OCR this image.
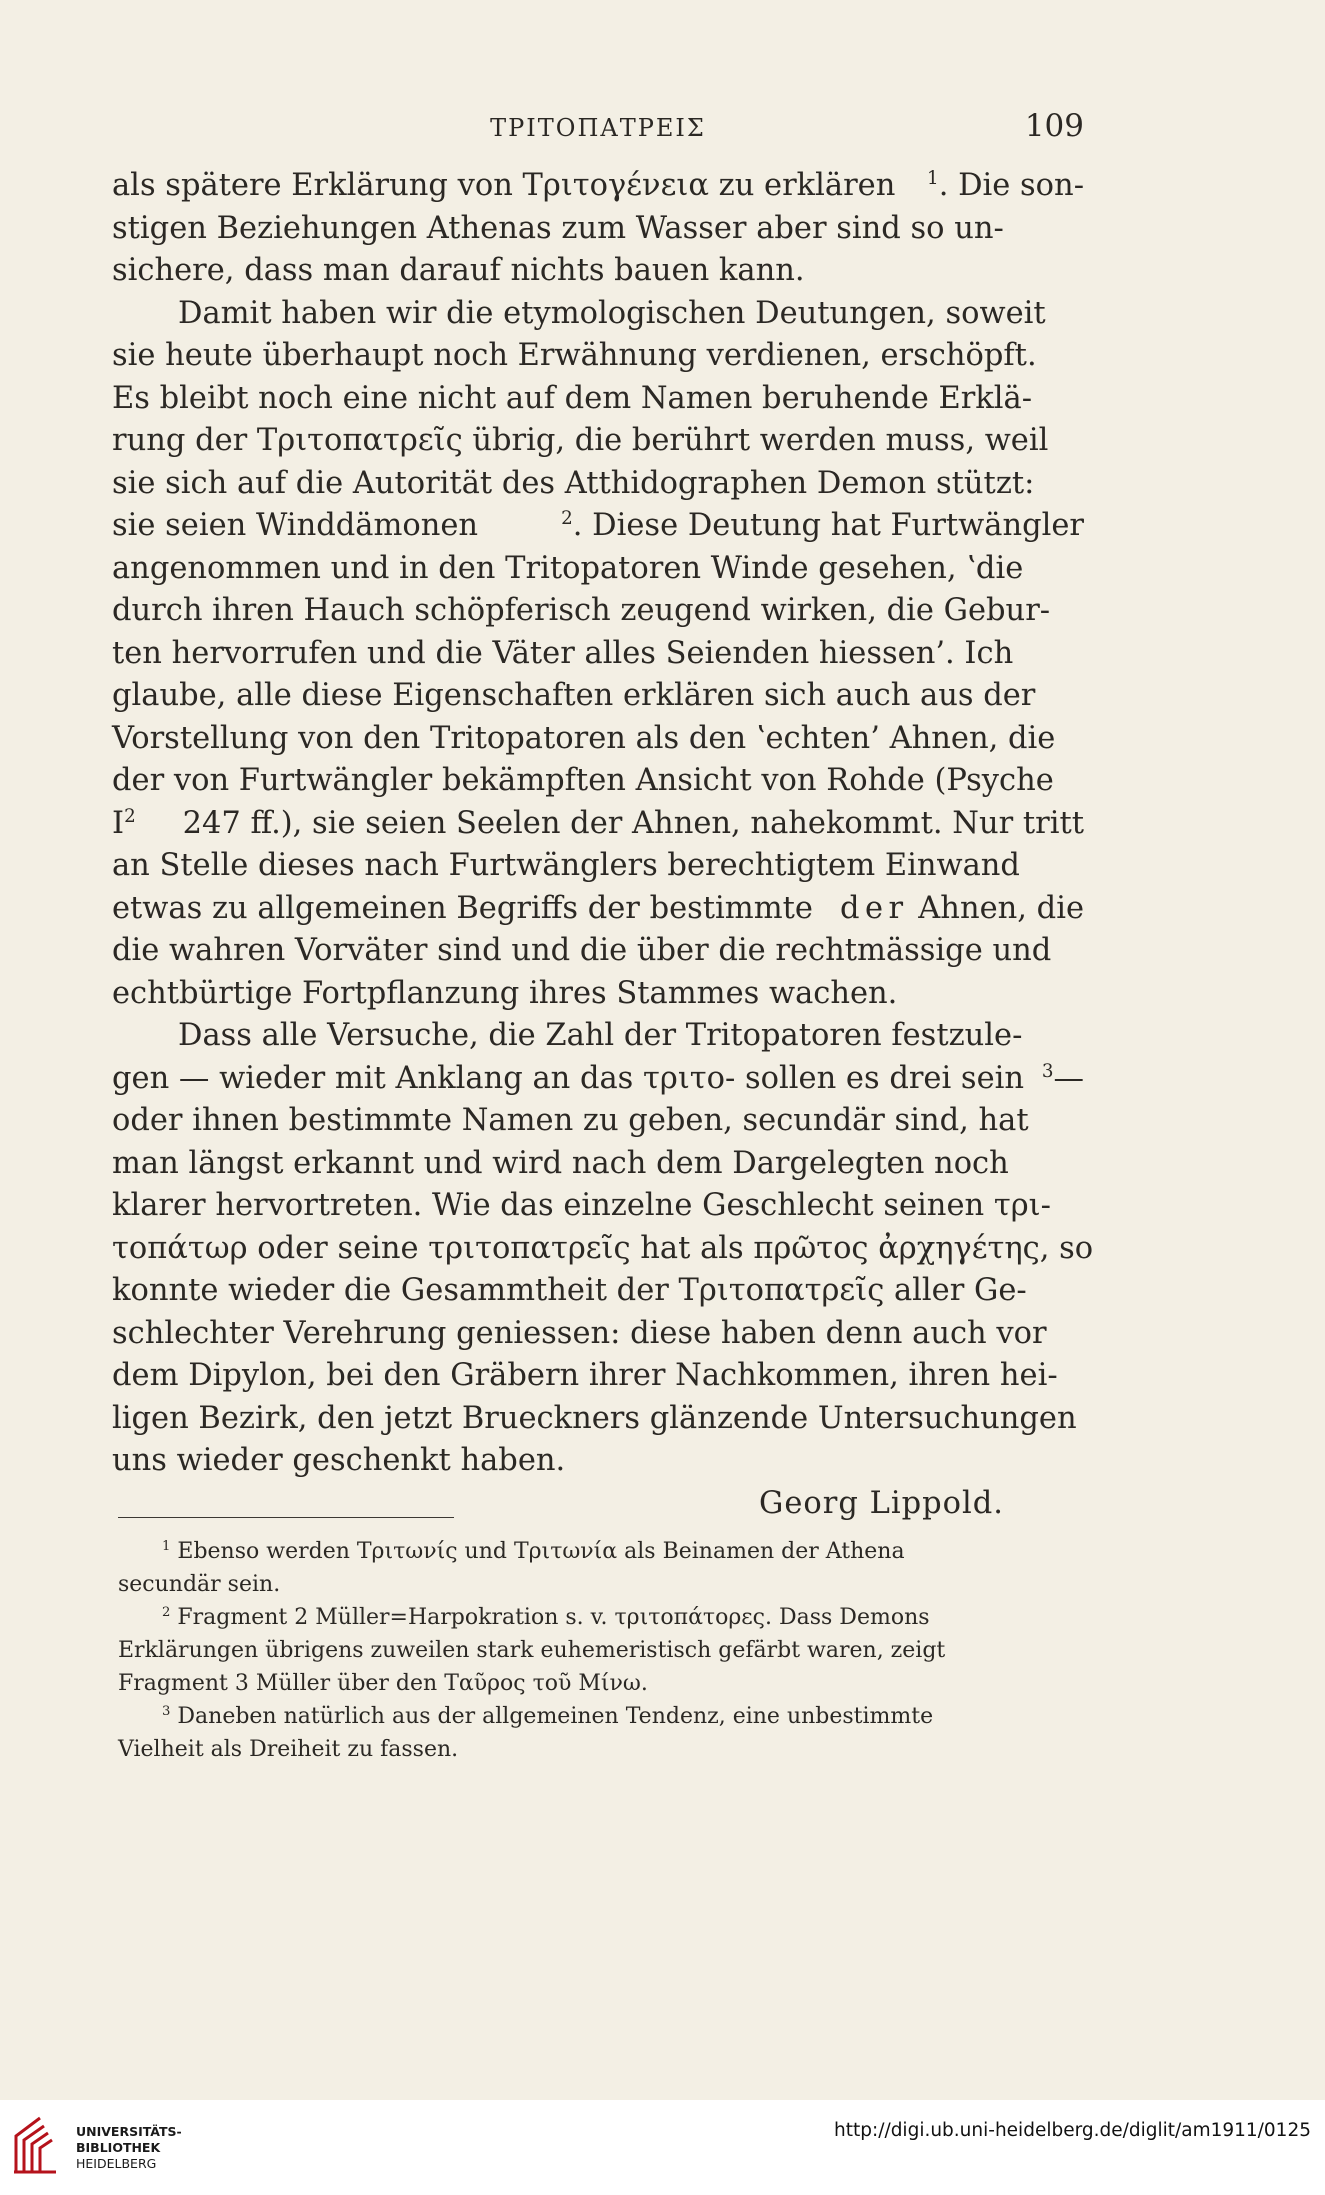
ΤΡΙΤΟΠΑΤΡΕΙΣ	109
als spätere Erklärung von Τριτογένεια zu erklären $^1$. Die son-
stigen Beziehungen Athenas zum Wasser aber sind so un-
sichere, dass man darauf nichts bauen kann.
Damit haben wir die etymologischen Deutungen, soweit
sie heute überhaupt noch Erwähnung verdienen, erschöpft.
Es bleibt noch eine nicht auf dem Namen beruhende Erklä-
rung der Τριτοπατρεῖς übrig, die berührt werden muss, weil
sie sich auf die Autorität des Atthidographen Demon stützt:
sie seien Winddämonen	$^2$. Diese Deutung hat Furtwängler
angenommen und in den Tritopatoren Winde gesehen, ʽdie
durch ihren Hauch schöpferisch zeugend wirken, die Gebur-
ten hervorrufen und die Väter alles Seienden hiessen’. Ich
glaube, alle diese Eigenschaften erklären sich auch aus der
Vorstellung von den Tritopatoren als den ʽechten’ Ahnen, die
der von Furtwängler bekämpften Ansicht von Rohde (Psyche
$I^2$ 247 ff.), sie seien Seelen der Ahnen, nahekommt. Nur tritt
an Stelle dieses nach Furtwänglers berechtigtem Einwand
etwas zu allgemeinen Begriffs der bestimmte der Ahnen, die
die wahren Vorväter sind und die über die rechtmässige und
echtbürtige Fortpflanzung ihres Stammes wachen.
Dass alle Versuche, die Zahl der Tritopatoren festzule-
gen — wieder mit Anklang an das τριτο- sollen es drei sein $^3$—
oder ihnen bestimmte Namen zu geben, secundär sind, hat
man längst erkannt und wird nach dem Dargelegten noch
klarer hervortreten. Wie das einzelne Geschlecht seinen τρι-
τοπάτωρ oder seine τριτοπατρεῖς hat als πρῶτος ἀρχηγέτης, so
konnte wieder die Gesammtheit der Τριτοπατρεῖς aller Ge-
schlechter Verehrung geniessen: diese haben denn auch vor
dem Dipylon, bei den Gräbern ihrer Nachkommen, ihren hei-
ligen Bezirk, den jetzt Brueckners glänzende Untersuchungen
uns wieder geschenkt haben.
Georg Lippold.
$^1$ Ebenso werden Τριτωνίς und Τριτωνία als Beinamen der Athena
secundär sein.
$^2$ Fragment 2 Müller=Harpokration s. v. τριτοπάτορες. Dass Demons
Erklärungen übrigens zuweilen stark euhemeristisch gefärbt waren, zeigt
Fragment 3 Müller über den Ταῦρος τοῦ Μίνω.
$^3$ Daneben natürlich aus der allgemeinen Tendenz, eine unbestimmte
Vielheit als Dreiheit zu fassen.
UNIVERSITÄTS-
BIBLIOTHEK
HEIDELBERG
http://digi.ub.uni-heidelberg.de/diglit/am1911/0125
